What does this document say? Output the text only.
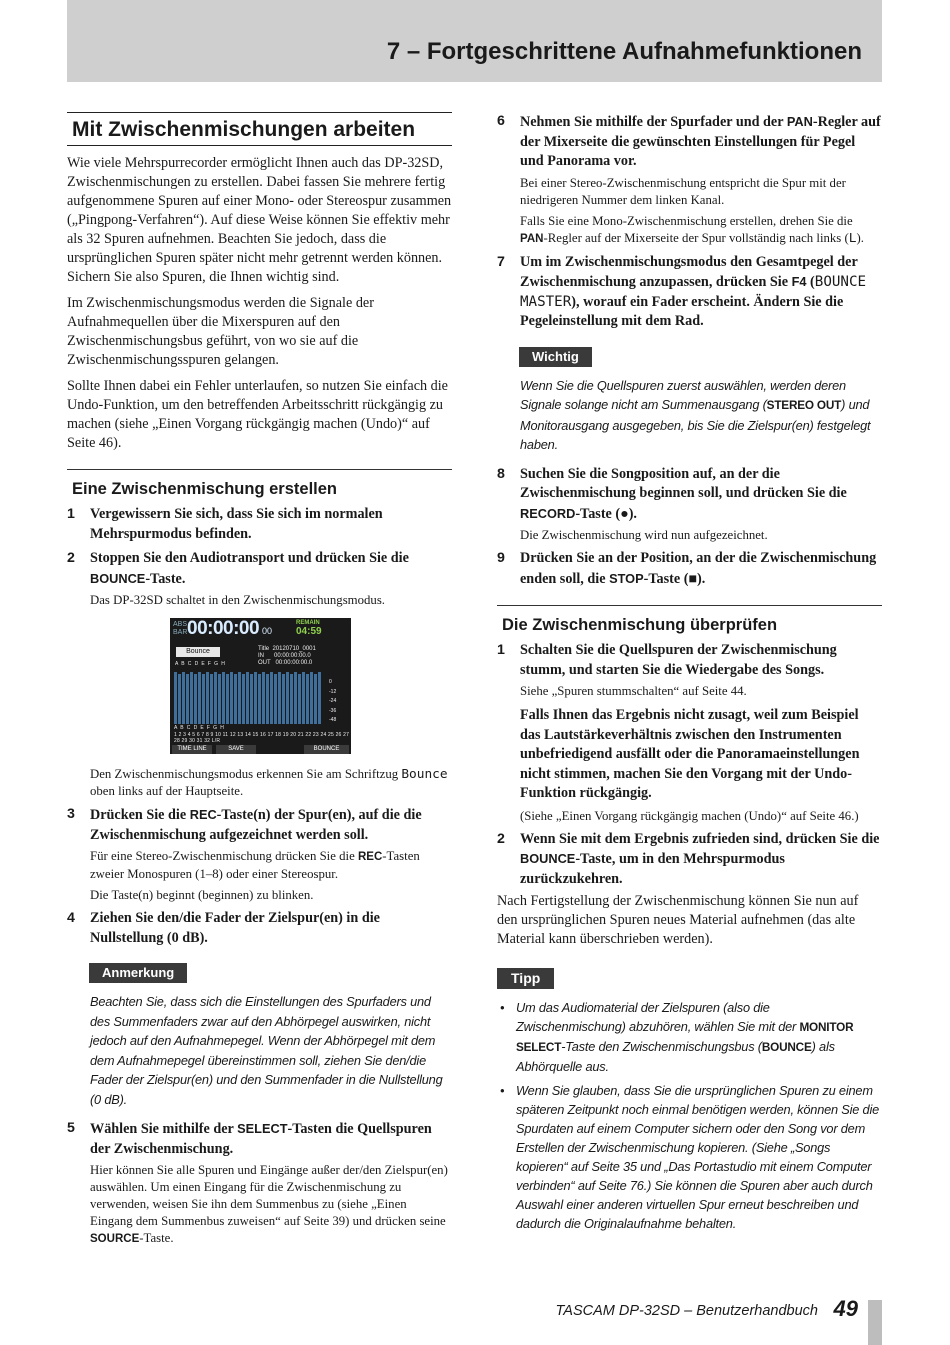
7 – Fortgeschrittene Aufnahmefunktionen
Mit Zwischenmischungen arbeiten

Wie viele Mehrspurrecorder ermöglicht Ihnen auch das DP-32SD, Zwischenmischungen zu erstellen. Dabei fassen Sie mehrere fertig aufgenommene Spuren auf einer Mono- oder Stereospur zusammen („Pingpong-Verfahren“). Auf diese Weise können Sie effektiv mehr als 32 Spuren aufnehmen. Beachten Sie jedoch, dass die ursprünglichen Spuren später nicht mehr getrennt werden können. Sichern Sie also Spuren, die Ihnen wichtig sind.

Im Zwischenmischungsmodus werden die Signale der Aufnahmequellen über die Mixerspuren auf den Zwischenmischungsbus geführt, von wo sie auf die Zwischenmischungsspuren gelangen.

Sollte Ihnen dabei ein Fehler unterlaufen, so nutzen Sie einfach die Undo-Funktion, um den betreffenden Arbeitsschritt rückgängig zu machen (siehe „Einen Vorgang rückgängig machen (Undo)“ auf Seite 46).

Eine Zwischenmischung erstellen
1 Vergewissern Sie sich, dass Sie sich im normalen Mehrspurmodus befinden.
2 Stoppen Sie den Audiotransport und drücken Sie die BOUNCE-Taste.

Das DP-32SD schaltet in den Zwischenmischungsmodus.

ABS
BAR 00:00:00 00
REMAIN
04:59
Bounce	Title  20120710_0001
IN      00:00:00:00.0
OUT   00:00:00:00.0
A B C D E F G H
0
-12
-24
-36
-48
A B C D E F G H
1 2 3 4 5 6 7 8 9 10 11 12 13 14 15 16 17 18 19 20 21 22 23 24 25 26 27 28 29 30 31 32 L/R
TIME LINE	SAVE	BOUNCE MASTER

Den Zwischenmischungsmodus erkennen Sie am Schriftzug Bounce oben links auf der Hauptseite.

3 Drücken Sie die REC-Taste(n) der Spur(en), auf die die Zwischenmischung aufgezeichnet werden soll.

Für eine Stereo-Zwischenmischung drücken Sie die REC-Tasten zweier Monospuren (1–8) oder einer Stereospur.

Die Taste(n) beginnt (beginnen) zu blinken.

4 Ziehen Sie den/die Fader der Zielspur(en) in die Nullstellung (0 dB).
Anmerkung

Beachten Sie, dass sich die Einstellungen des Spurfaders und des Summenfaders zwar auf den Abhörpegel auswirken, nicht jedoch auf den Aufnahmepegel. Wenn der Abhörpegel mit dem dem Aufnahmepegel übereinstimmen soll, ziehen Sie den/die Fader der Zielspur(en) und den Summenfader in die Nullstellung (0 dB).

5 Wählen Sie mithilfe der SELECT-Tasten die Quellspuren der Zwischenmischung.

Hier können Sie alle Spuren und Eingänge außer der/den Zielspur(en) auswählen. Um einen Eingang für die Zwischenmischung zu verwenden, weisen Sie ihn dem Summenbus zu (siehe „Einen Eingang dem Summenbus zuweisen“ auf Seite 39) und drücken seine SOURCE-Taste.

6 Nehmen Sie mithilfe der Spurfader und der PAN-Regler auf der Mixerseite die gewünschten Einstellungen für Pegel und Panorama vor.

Bei einer Stereo-Zwischenmischung entspricht die Spur mit der niedrigeren Nummer dem linken Kanal.

Falls Sie eine Mono-Zwischenmischung erstellen, drehen Sie die PAN-Regler auf der Mixerseite der Spur vollständig nach links (L).

7 Um im Zwischenmischungsmodus den Gesamtpegel der Zwischenmischung anzupassen, drücken Sie F4 (BOUNCE MASTER), worauf ein Fader erscheint. Ändern Sie die Pegeleinstellung mit dem Rad.
Wichtig

Wenn Sie die Quellspuren zuerst auswählen, werden deren Signale solange nicht am Summenausgang (STEREO OUT) und Monitorausgang ausgegeben, bis Sie die Zielspur(en) festgelegt haben.

8 Suchen Sie die Songposition auf, an der die Zwischenmischung beginnen soll, und drücken Sie die RECORD-Taste (●).

Die Zwischenmischung wird nun aufgezeichnet.

9 Drücken Sie an der Position, an der die Zwischenmischung enden soll, die STOP-Taste (■).
Die Zwischenmischung überprüfen
1 Schalten Sie die Quellspuren der Zwischenmischung stumm, und starten Sie die Wiedergabe des Songs.

Siehe „Spuren stummschalten“ auf Seite 44.

Falls Ihnen das Ergebnis nicht zusagt, weil zum Beispiel das Lautstärkeverhältnis zwischen den Instrumenten unbefriedigend ausfällt oder die Panoramaeinstellungen nicht stimmen, machen Sie den Vorgang mit der Undo-Funktion rückgängig.

(Siehe „Einen Vorgang rückgängig machen (Undo)“ auf Seite 46.)

2 Wenn Sie mit dem Ergebnis zufrieden sind, drücken Sie die BOUNCE-Taste, um in den Mehrspurmodus zurückzukehren.

Nach Fertigstellung der Zwischenmischung können Sie nun auf den ursprünglichen Spuren neues Material aufnehmen (das alte Material kann überschrieben werden).

Tipp
• Um das Audiomaterial der Zielspuren (also die Zwischenmischung) abzuhören, wählen Sie mit der MONITOR SELECT-Taste den Zwischenmischungsbus (BOUNCE) als Abhörquelle aus.
• Wenn Sie glauben, dass Sie die ursprünglichen Spuren zu einem späteren Zeitpunkt noch einmal benötigen werden, können Sie die Spurdaten auf einem Computer sichern oder den Song vor dem Erstellen der Zwischenmischung kopieren. (Siehe „Songs kopieren“ auf Seite 35 und „Das Portastudio mit einem Computer verbinden“ auf Seite 76.) Sie können die Spuren aber auch durch Auswahl einer anderen virtuellen Spur erneut beschreiben und dadurch die Originalaufnahme behalten.
TASCAM DP-32SD – Benutzerhandbuch 49
